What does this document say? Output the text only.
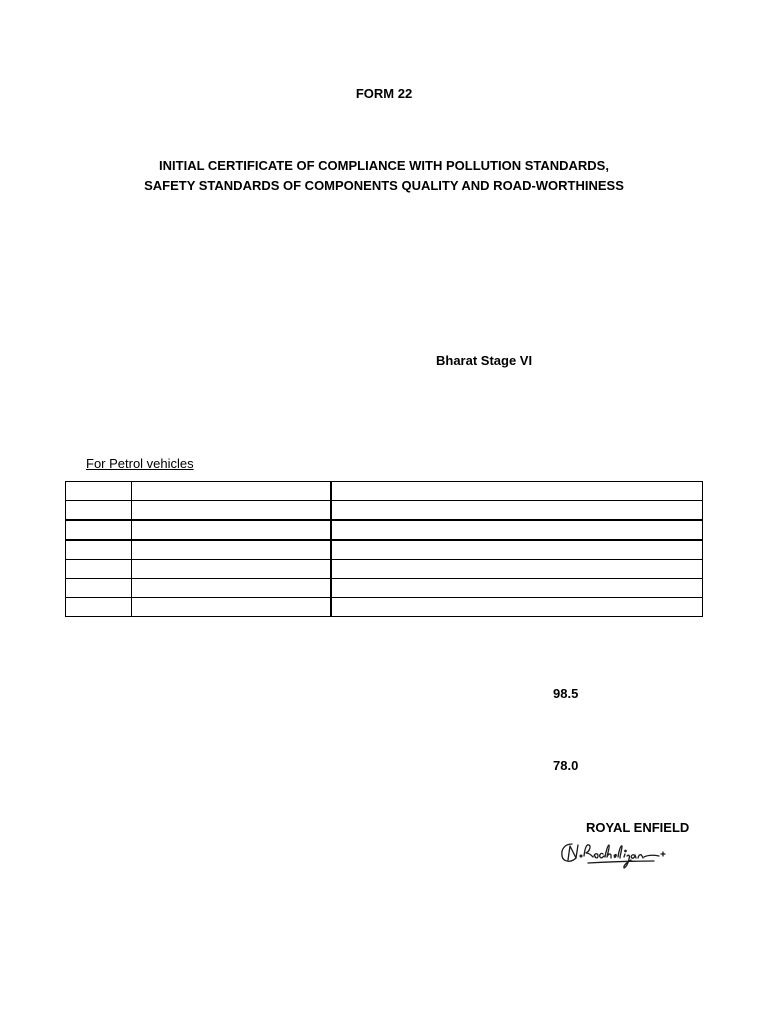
FORM 22
INITIAL CERTIFICATE OF COMPLIANCE WITH POLLUTION STANDARDS,
SAFETY STANDARDS OF COMPONENTS QUALITY AND ROAD-WORTHINESS
Bharat Stage VI
For Petrol vehicles

98.5
78.0
ROYAL ENFIELD
